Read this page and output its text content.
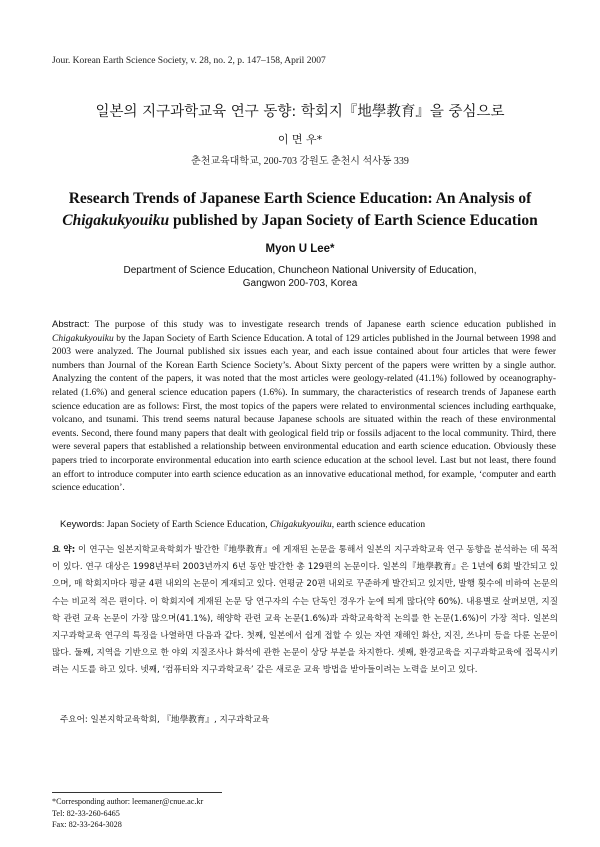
Jour. Korean Earth Science Society, v. 28, no. 2, p. 147–158, April 2007
일본의 지구과학교육 연구 동향: 학회지『地學教育』을 중심으로
이 면 우*
춘천교육대학교, 200-703 강원도 춘천시 석사동 339
Research Trends of Japanese Earth Science Education: An Analysis of Chigakukyouiku published by Japan Society of Earth Science Education
Myon U Lee*
Department of Science Education, Chuncheon National University of Education, Gangwon 200-703, Korea
Abstract: The purpose of this study was to investigate research trends of Japanese earth science education published in Chigakukyouiku by the Japan Society of Earth Science Education. A total of 129 articles published in the Journal between 1998 and 2003 were analyzed. The Journal published six issues each year, and each issue contained about four articles that were fewer numbers than Journal of the Korean Earth Science Society’s. About Sixty percent of the papers were written by a single author. Analyzing the content of the papers, it was noted that the most articles were geology-related (41.1%) followed by oceanography-related (1.6%) and general science education papers (1.6%). In summary, the characteristics of research trends of Japanese earth science education are as follows: First, the most topics of the papers were related to environmental sciences including earthquake, volcano, and tsunami. This trend seems natural because Japanese schools are situated within the reach of these environmental events. Second, there found many papers that dealt with geological field trip or fossils adjacent to the local community. Third, there were several papers that established a relationship between environmental education and earth science education. Obviously these papers tried to incorporate environmental education into earth science education at the school level. Last but not least, there found an effort to introduce computer into earth science education as an innovative educational method, for example, ‘computer and earth science education’.
Keywords: Japan Society of Earth Science Education, Chigakukyouiku, earth science education
요 약: 이 연구는 일본지학교육학회가 발간한『地學教育』에 게재된 논문을 통해서 일본의 지구과학교육 연구 동향을 분석하는 데 목적이 있다. 연구 대상은 1998년부터 2003년까지 6년 동안 발간한 총 129편의 논문이다. 일본의『地學教育』은 1년에 6회 발간되고 있으며, 매 학회지마다 평균 4편 내외의 논문이 게재되고 있다. 연평균 20편 내외로 꾸준하게 발간되고 있지만, 발행 횟수에 비하여 논문의 수는 비교적 적은 편이다. 이 학회지에 게재된 논문 당 연구자의 수는 단독인 경우가 눈에 띄게 많다(약 60%). 내용별로 살펴보면, 지질학 관련 교육 논문이 가장 많으며(41.1%), 해양학 관련 교육 논문(1.6%)과 과학교육학적 논의를 한 논문(1.6%)이 가장 적다. 일본의 지구과학교육 연구의 특징을 나열하면 다음과 같다. 첫째, 일본에서 쉽게 접할 수 있는 자연 재해인 화산, 지진, 쓰나미 등을 다룬 논문이 많다. 둘째, 지역을 기반으로 한 야외 지질조사나 화석에 관한 논문이 상당 부분을 차지한다. 셋째, 환경교육을 지구과학교육에 접목시키려는 시도를 하고 있다. 넷째, ‘컴퓨터와 지구과학교육’ 같은 새로운 교육 방법을 받아들이려는 노력을 보이고 있다.
주요어: 일본지학교육학회, 『地學教育』, 지구과학교육
*Corresponding author: leemaner@cnue.ac.kr
Tel: 82-33-260-6465
Fax: 82-33-264-3028
